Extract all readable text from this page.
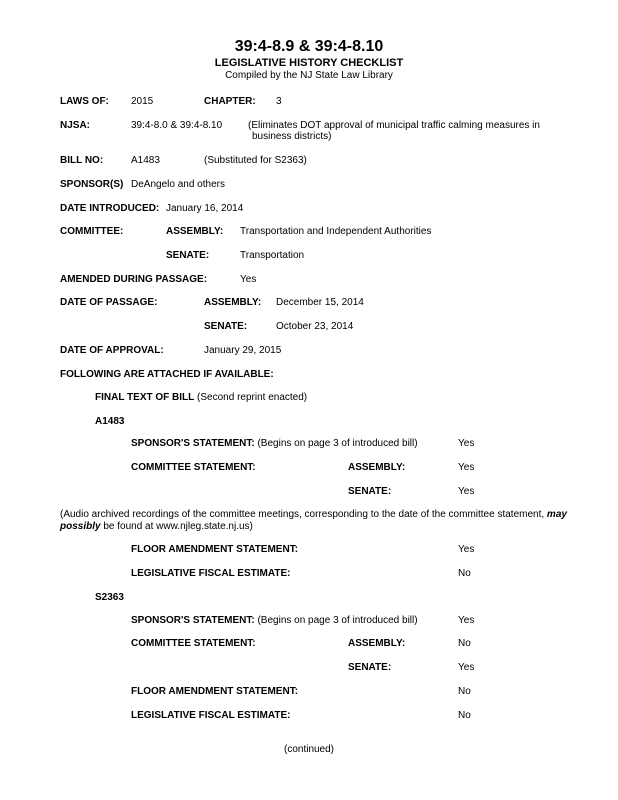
39:4-8.9 & 39:4-8.10
LEGISLATIVE HISTORY CHECKLIST
Compiled by the NJ State Law Library
LAWS OF: 2015	CHAPTER: 3
NJSA:	39:4-8.0 & 39:4-8.10	(Eliminates DOT approval of municipal traffic calming measures in
business districts)
BILL NO:	A1483	(Substituted for S2363)
SPONSOR(S) DeAngelo and others
DATE INTRODUCED: January 16, 2014
COMMITTEE:	ASSEMBLY: Transportation and Independent Authorities
SENATE:	Transportation
AMENDED DURING PASSAGE:	Yes
DATE OF PASSAGE:	ASSEMBLY: December 15, 2014
SENATE:	October 23, 2014
DATE OF APPROVAL:	January 29, 2015
FOLLOWING ARE ATTACHED IF AVAILABLE:
FINAL TEXT OF BILL (Second reprint enacted)
A1483
SPONSOR'S STATEMENT: (Begins on page 3 of introduced bill)	Yes
COMMITTEE STATEMENT:	ASSEMBLY:	Yes
SENATE:	Yes
(Audio archived recordings of the committee meetings, corresponding to the date of the committee statement, may possibly be found at www.njleg.state.nj.us)
FLOOR AMENDMENT STATEMENT:	Yes
LEGISLATIVE FISCAL ESTIMATE:	No
S2363
SPONSOR'S STATEMENT: (Begins on page 3 of introduced bill)	Yes
COMMITTEE STATEMENT:	ASSEMBLY:	No
SENATE:	Yes
FLOOR AMENDMENT STATEMENT:	No
LEGISLATIVE FISCAL ESTIMATE:	No
(continued)
